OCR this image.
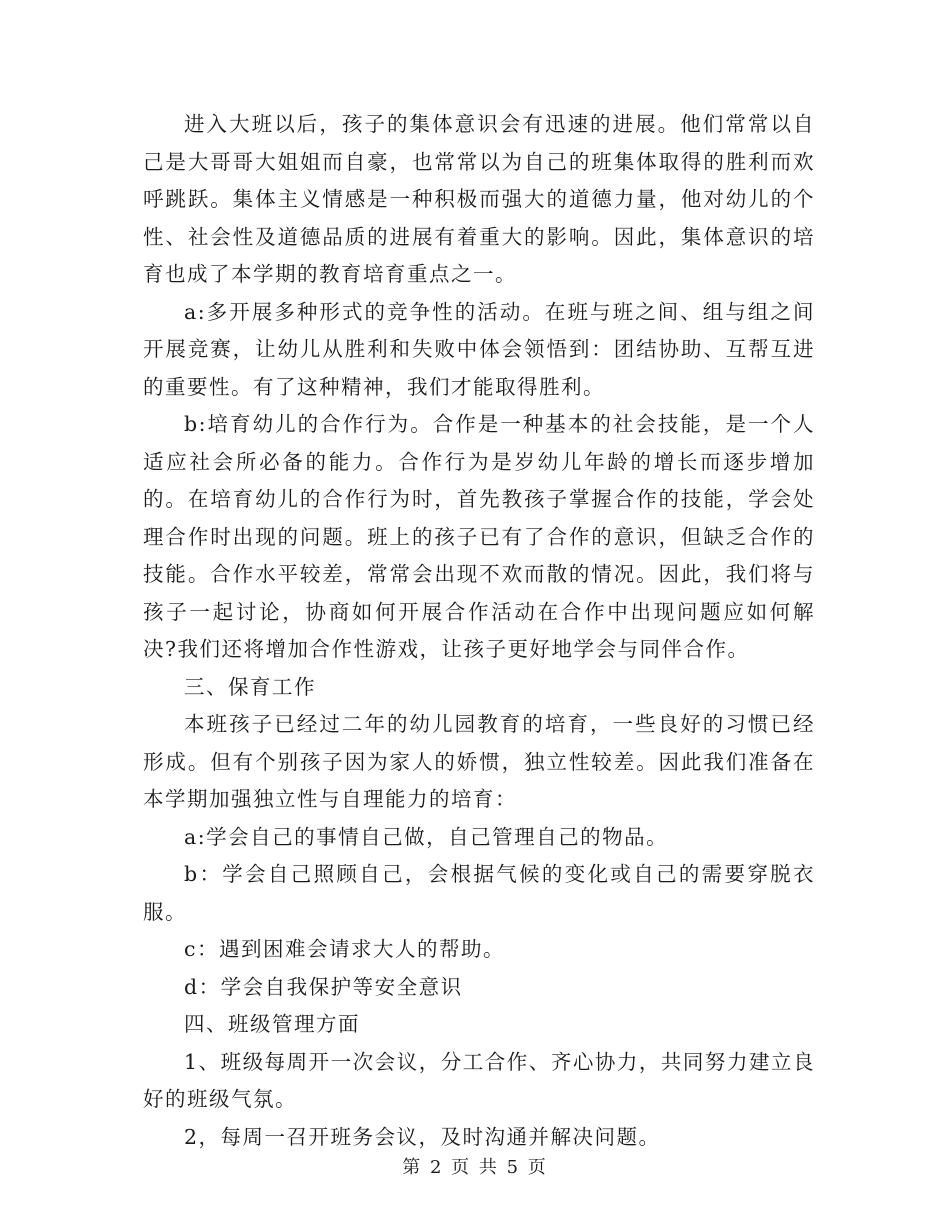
进入大班以后，孩子的集体意识会有迅速的进展。他们常常以自己是大哥哥大姐姐而自豪，也常常以为自己的班集体取得的胜利而欢呼跳跃。集体主义情感是一种积极而强大的道德力量，他对幼儿的个性、社会性及道德品质的进展有着重大的影响。因此，集体意识的培育也成了本学期的教育培育重点之一。

a:多开展多种形式的竞争性的活动。在班与班之间、组与组之间开展竞赛，让幼儿从胜利和失败中体会领悟到：团结协助、互帮互进的重要性。有了这种精神，我们才能取得胜利。

b:培育幼儿的合作行为。合作是一种基本的社会技能，是一个人适应社会所必备的能力。合作行为是岁幼儿年龄的增长而逐步增加的。在培育幼儿的合作行为时，首先教孩子掌握合作的技能，学会处理合作时出现的问题。班上的孩子已有了合作的意识，但缺乏合作的技能。合作水平较差，常常会出现不欢而散的情况。因此，我们将与孩子一起讨论，协商如何开展合作活动在合作中出现问题应如何解决?我们还将增加合作性游戏，让孩子更好地学会与同伴合作。

三、保育工作

本班孩子已经过二年的幼儿园教育的培育，一些良好的习惯已经形成。但有个别孩子因为家人的娇惯，独立性较差。因此我们准备在本学期加强独立性与自理能力的培育：

a:学会自己的事情自己做，自己管理自己的物品。

b：学会自己照顾自己，会根据气候的变化或自己的需要穿脱衣服。

c：遇到困难会请求大人的帮助。

d：学会自我保护等安全意识

四、班级管理方面

1、班级每周开一次会议，分工合作、齐心协力，共同努力建立良好的班级气氛。

2，每周一召开班务会议，及时沟通并解决问题。

第 2 页 共 5 页
